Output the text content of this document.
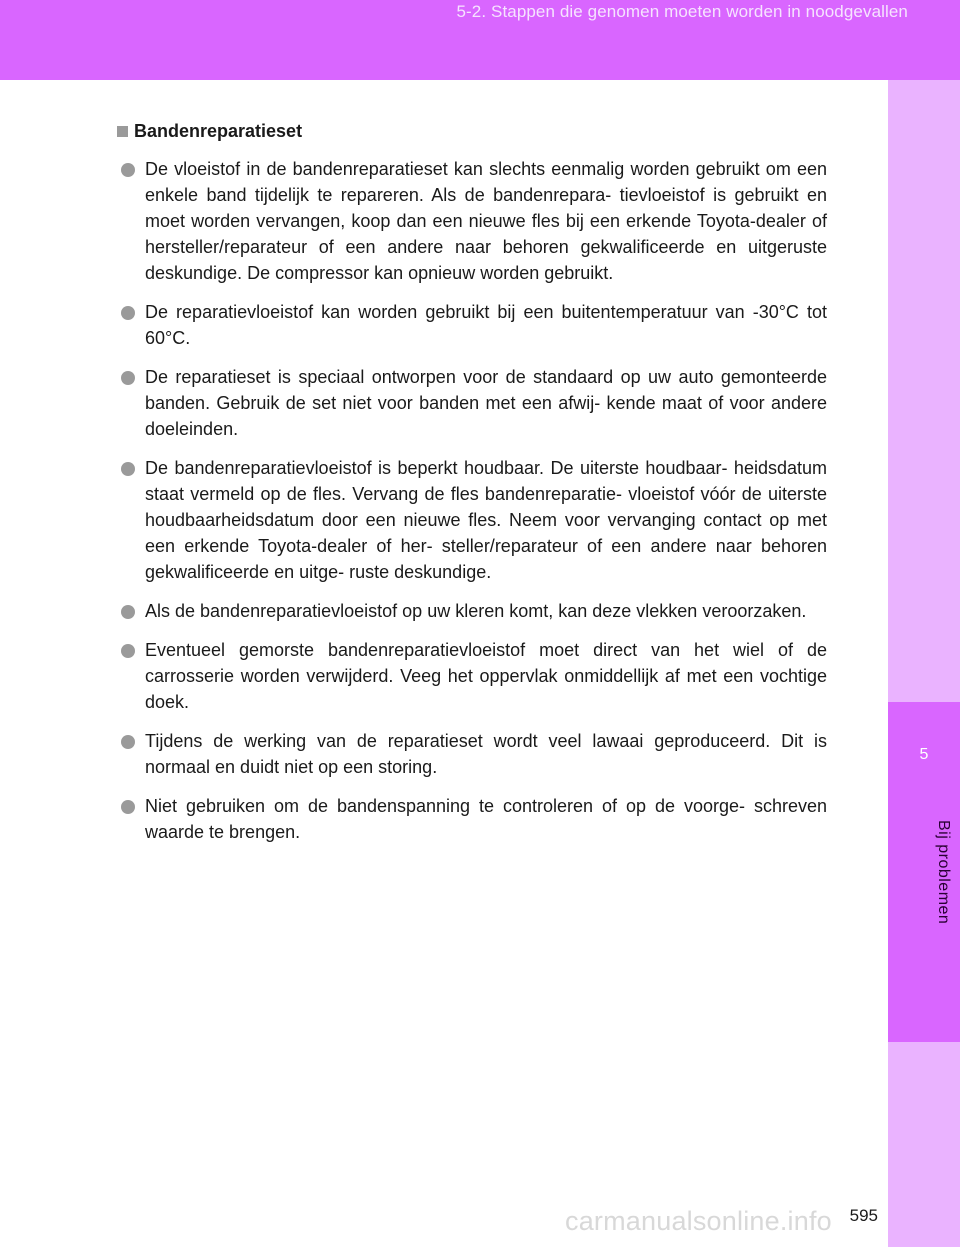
5-2. Stappen die genomen moeten worden in noodgevallen
5
Bij problemen
Bandenreparatieset
De vloeistof in de bandenreparatieset kan slechts eenmalig worden gebruikt om een enkele band tijdelijk te repareren. Als de bandenrepara- tievloeistof is gebruikt en moet worden vervangen, koop dan een nieuwe fles bij een erkende Toyota-dealer of hersteller/reparateur of een andere naar behoren gekwalificeerde en uitgeruste deskundige. De compressor kan opnieuw worden gebruikt.
De reparatievloeistof kan worden gebruikt bij een buitentemperatuur van -30°C tot 60°C.
De reparatieset is speciaal ontworpen voor de standaard op uw auto gemonteerde banden. Gebruik de set niet voor banden met een afwij- kende maat of voor andere doeleinden.
De bandenreparatievloeistof is beperkt houdbaar. De uiterste houdbaar- heidsdatum staat vermeld op de fles. Vervang de fles bandenreparatie- vloeistof vóór de uiterste houdbaarheidsdatum door een nieuwe fles. Neem voor vervanging contact op met een erkende Toyota-dealer of her- steller/reparateur of een andere naar behoren gekwalificeerde en uitge- ruste deskundige.
Als de bandenreparatievloeistof op uw kleren komt, kan deze vlekken veroorzaken.
Eventueel gemorste bandenreparatievloeistof moet direct van het wiel of de carrosserie worden verwijderd. Veeg het oppervlak onmiddellijk af met een vochtige doek.
Tijdens de werking van de reparatieset wordt veel lawaai geproduceerd. Dit is normaal en duidt niet op een storing.
Niet gebruiken om de bandenspanning te controleren of op de voorge- schreven waarde te brengen.
carmanualsonline.info 595
